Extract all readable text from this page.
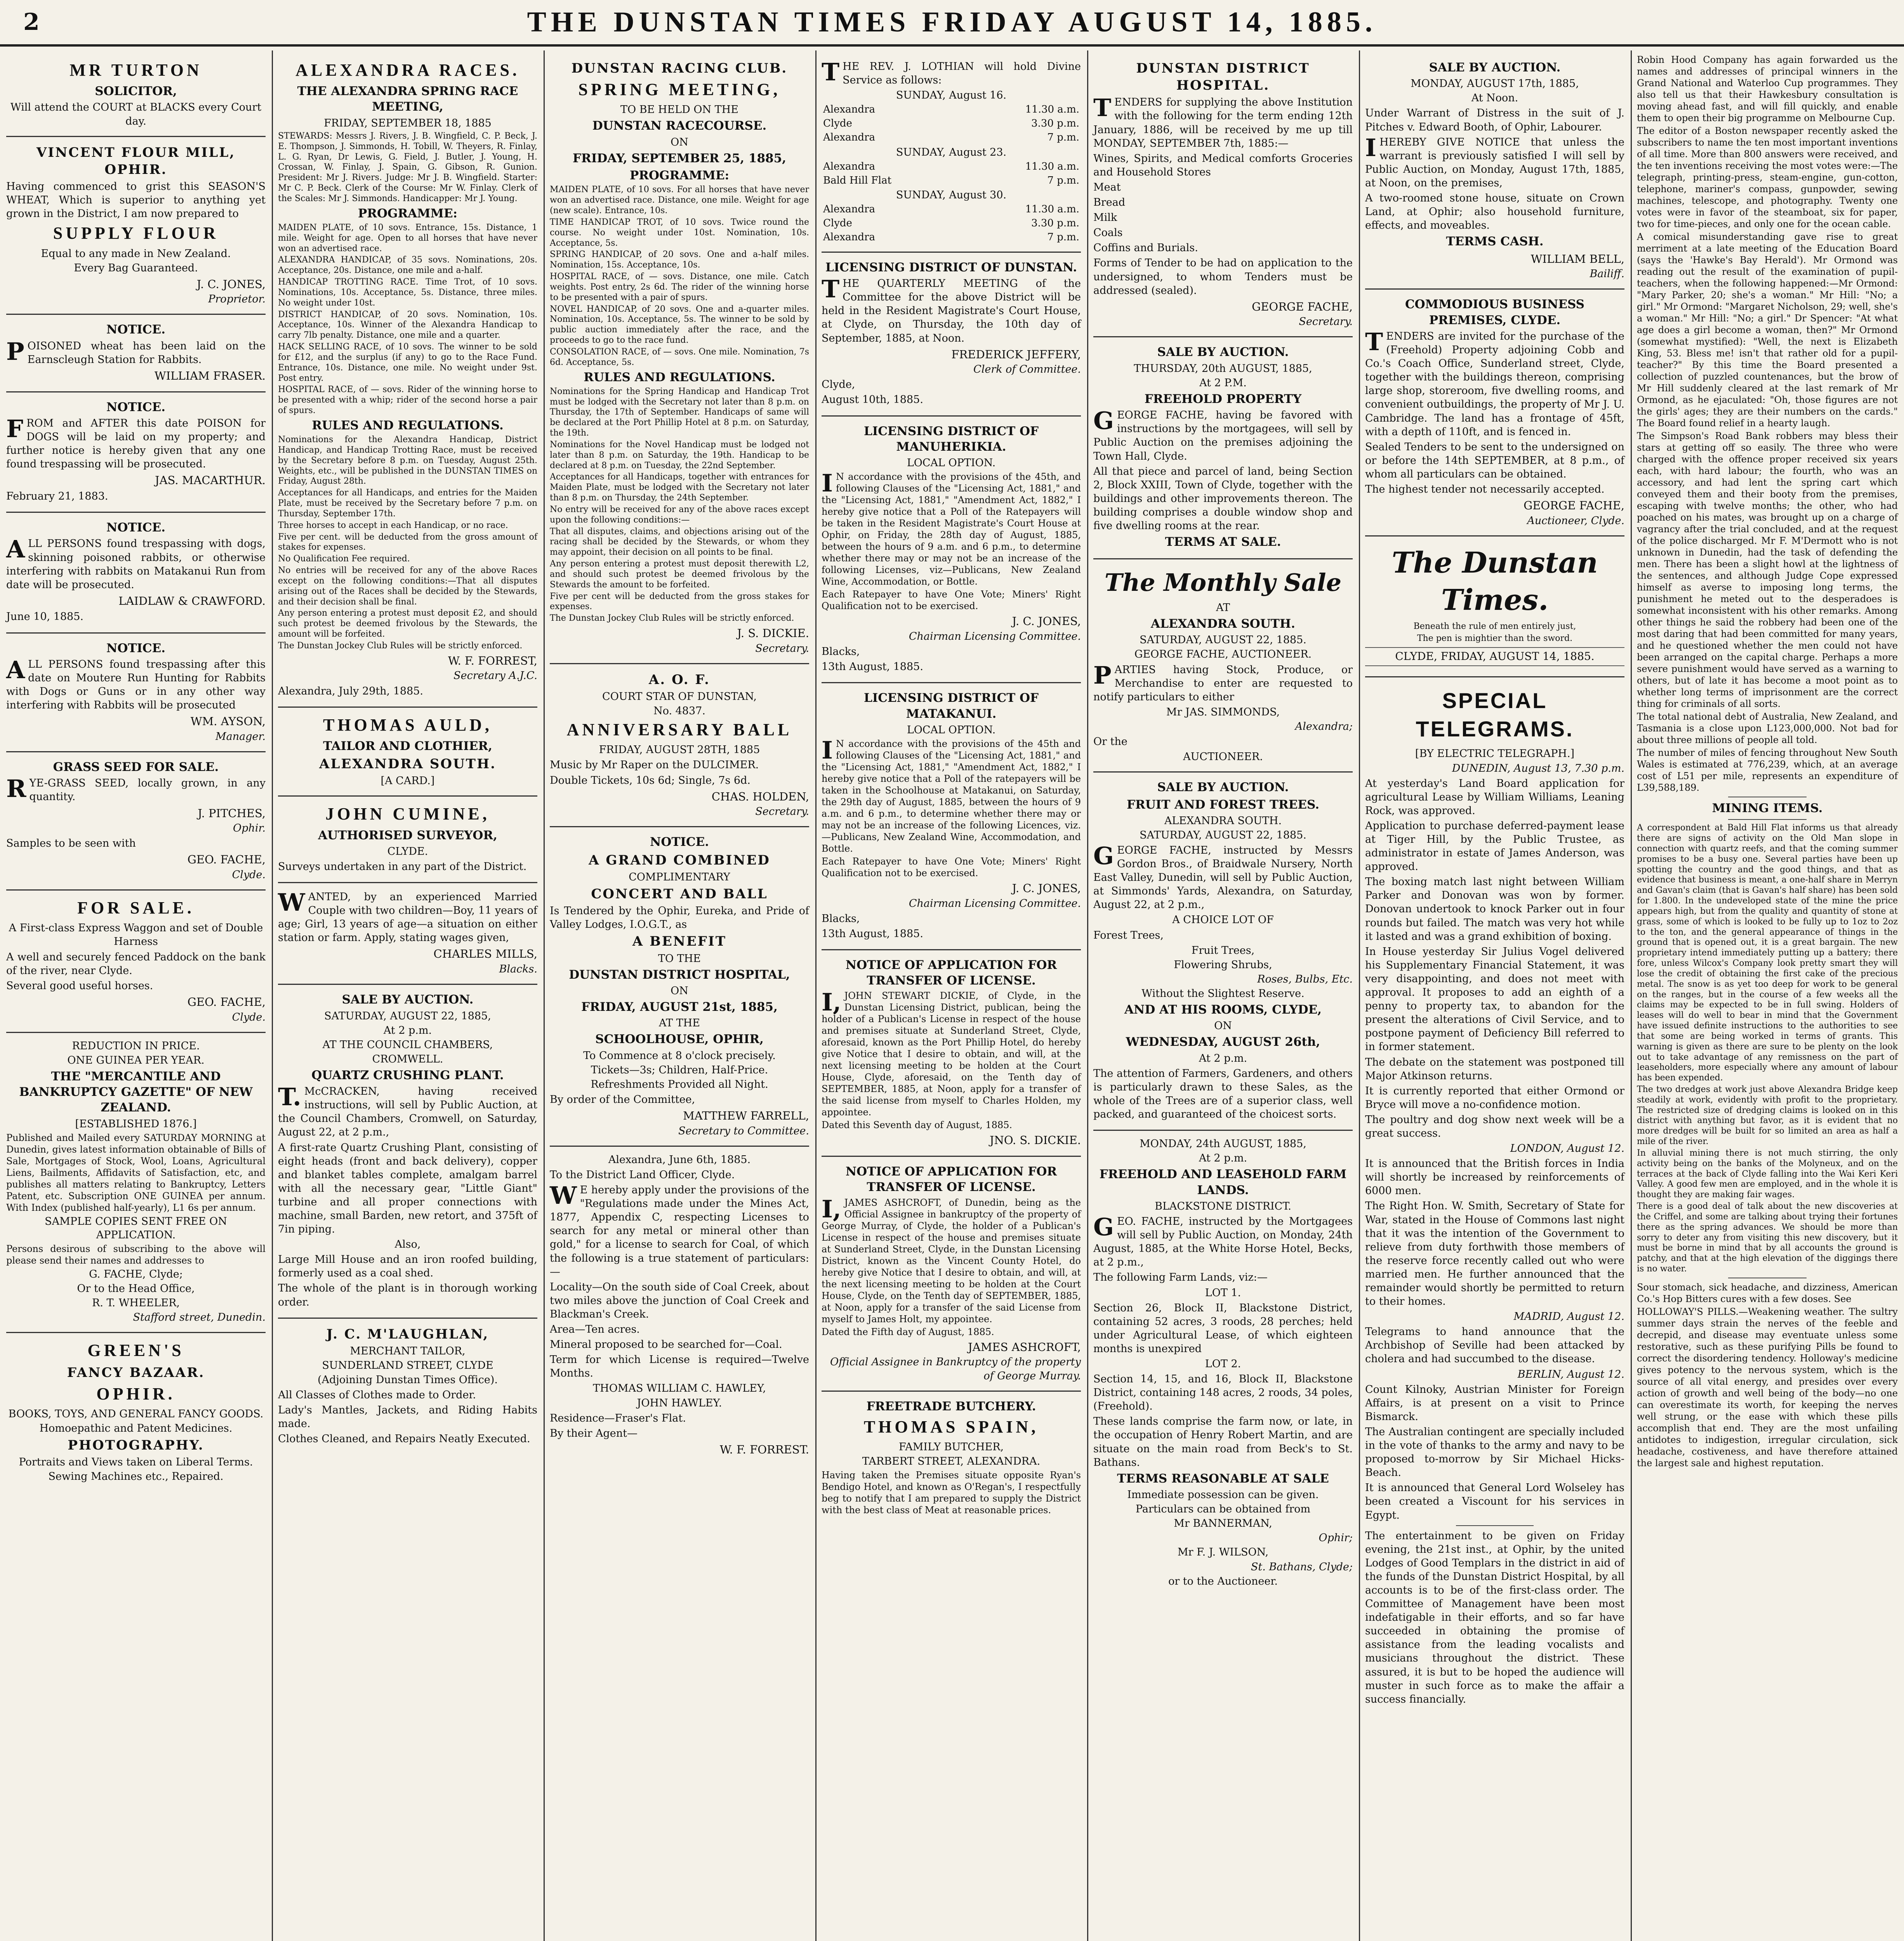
2	THE DUNSTAN TIMES FRIDAY AUGUST 14, 1885.
MR TURTON
SOLICITOR,
Will attend the COURT at BLACKS every Court day.
VINCENT FLOUR MILL, OPHIR.
Having commenced to grist this SEASON'S WHEAT, Which is superior to anything yet grown in the District, I am now prepared to
SUPPLY FLOUR
Equal to any made in New Zealand.
Every Bag Guaranteed.
J. C. JONES,
Proprietor.
NOTICE.
POISONED wheat has been laid on the Earnscleugh Station for Rabbits.
WILLIAM FRASER.
NOTICE.
FROM and AFTER this date POISON for DOGS will be laid on my property; and further notice is hereby given that any one found trespassing will be prosecuted.
JAS. MACARTHUR.
February 21, 1883.
NOTICE.
ALL PERSONS found trespassing with dogs, skinning poisoned rabbits, or otherwise interfering with rabbits on Matakanui Run from date will be prosecuted.
LAIDLAW & CRAWFORD.
June 10, 1885.
NOTICE.
ALL PERSONS found trespassing after this date on Moutere Run Hunting for Rabbits with Dogs or Guns or in any other way interfering with Rabbits will be prosecuted
WM. AYSON,
Manager.
GRASS SEED FOR SALE.
RYE-GRASS SEED, locally grown, in any quantity.
J. PITCHES,
Ophir.
Samples to be seen with
GEO. FACHE,
Clyde.
FOR SALE.
A First-class Express Waggon and set of Double Harness
A well and securely fenced Paddock on the bank of the river, near Clyde.
Several good useful horses.
GEO. FACHE,
Clyde.
REDUCTION IN PRICE.
ONE GUINEA PER YEAR.
THE "MERCANTILE AND BANKRUPTCY GAZETTE" OF NEW ZEALAND.
[ESTABLISHED 1876.]
Published and Mailed every SATURDAY MORNING at Dunedin, gives latest information obtainable of Bills of Sale, Mortgages of Stock, Wool, Loans, Agricultural Liens, Bailments, Affidavits of Satisfaction, etc, and publishes all matters relating to Bankruptcy, Letters Patent, etc. Subscription ONE GUINEA per annum. With Index (published half-yearly), L1 6s per annum.
SAMPLE COPIES SENT FREE ON APPLICATION.
Persons desirous of subscribing to the above will please send their names and addresses to
G. FACHE, Clyde;
Or to the Head Office,
R. T. WHEELER,
Stafford street, Dunedin.
GREEN'S
FANCY BAZAAR.
OPHIR.
BOOKS, TOYS, AND GENERAL FANCY GOODS.
Homoepathic and Patent Medicines.
PHOTOGRAPHY.
Portraits and Views taken on Liberal Terms.
Sewing Machines etc., Repaired.
ALEXANDRA RACES.
THE ALEXANDRA SPRING RACE MEETING,
FRIDAY, SEPTEMBER 18, 1885
STEWARDS: Messrs J. Rivers, J. B. Wingfield, C. P. Beck, J. E. Thompson, J. Simmonds, H. Tobill, W. Theyers, R. Finlay, L. G. Ryan, Dr Lewis, G. Field, J. Butler, J. Young, H. Crossan, W. Finlay, J. Spain, G. Gibson, R. Gunion. President: Mr J. Rivers. Judge: Mr J. B. Wingfield. Starter: Mr C. P. Beck. Clerk of the Course: Mr W. Finlay. Clerk of the Scales: Mr J. Simmonds. Handicapper: Mr J. Young.
PROGRAMME:
MAIDEN PLATE, of 10 sovs. Entrance, 15s. Distance, 1 mile. Weight for age. Open to all horses that have never won an advertised race.
ALEXANDRA HANDICAP, of 35 sovs. Nominations, 20s. Acceptance, 20s. Distance, one mile and a-half.
HANDICAP TROTTING RACE. Time Trot, of 10 sovs. Nominations, 10s. Acceptance, 5s. Distance, three miles. No weight under 10st.
DISTRICT HANDICAP, of 20 sovs. Nomination, 10s. Acceptance, 10s. Winner of the Alexandra Handicap to carry 7lb penalty. Distance, one mile and a quarter.
HACK SELLING RACE, of 10 sovs. The winner to be sold for £12, and the surplus (if any) to go to the Race Fund. Entrance, 10s. Distance, one mile. No weight under 9st. Post entry.
HOSPITAL RACE, of — sovs. Rider of the winning horse to be presented with a whip; rider of the second horse a pair of spurs.
RULES AND REGULATIONS.
Nominations for the Alexandra Handicap, District Handicap, and Handicap Trotting Race, must be received by the Secretary before 8 p.m. on Tuesday, August 25th. Weights, etc., will be published in the DUNSTAN TIMES on Friday, August 28th.
Acceptances for all Handicaps, and entries for the Maiden Plate, must be received by the Secretary before 7 p.m. on Thursday, September 17th.
Three horses to accept in each Handicap, or no race.
Five per cent. will be deducted from the gross amount of stakes for expenses.
No Qualification Fee required.
No entries will be received for any of the above Races except on the following conditions:—That all disputes arising out of the Races shall be decided by the Stewards, and their decision shall be final.
Any person entering a protest must deposit £2, and should such protest be deemed frivolous by the Stewards, the amount will be forfeited.
The Dunstan Jockey Club Rules will be strictly enforced.
W. F. FORREST,
Secretary A.J.C.
Alexandra, July 29th, 1885.
THOMAS AULD,
TAILOR AND CLOTHIER,
ALEXANDRA SOUTH.
[A CARD.]
JOHN CUMINE,
AUTHORISED SURVEYOR,
CLYDE.
Surveys undertaken in any part of the District.
WANTED, by an experienced Married Couple with two children—Boy, 11 years of age; Girl, 13 years of age—a situation on either station or farm. Apply, stating wages given,
CHARLES MILLS,
Blacks.
SALE BY AUCTION.
SATURDAY, AUGUST 22, 1885,
At 2 p.m.
AT THE COUNCIL CHAMBERS,
CROMWELL.
QUARTZ CRUSHING PLANT.
T.McCRACKEN, having received instructions, will sell by Public Auction, at the Council Chambers, Cromwell, on Saturday, August 22, at 2 p.m.,
A first-rate Quartz Crushing Plant, consisting of eight heads (front and back delivery), copper and blanket tables complete, amalgam barrel with all the necessary gear, "Little Giant" turbine and all proper connections with machine, small Barden, new retort, and 375ft of 7in piping.
Also,
Large Mill House and an iron roofed building, formerly used as a coal shed.
The whole of the plant is in thorough working order.
J. C. M'LAUGHLAN,
MERCHANT TAILOR,
SUNDERLAND STREET, CLYDE
(Adjoining Dunstan Times Office).
All Classes of Clothes made to Order.
Lady's Mantles, Jackets, and Riding Habits made.
Clothes Cleaned, and Repairs Neatly Executed.
DUNSTAN RACING CLUB.
SPRING MEETING,
TO BE HELD ON THE
DUNSTAN RACECOURSE.
ON
FRIDAY, SEPTEMBER 25, 1885,
PROGRAMME:
MAIDEN PLATE, of 10 sovs. For all horses that have never won an advertised race. Distance, one mile. Weight for age (new scale). Entrance, 10s.
TIME HANDICAP TROT, of 10 sovs. Twice round the course. No weight under 10st. Nomination, 10s. Acceptance, 5s.
SPRING HANDICAP, of 20 sovs. One and a-half miles. Nomination, 15s. Acceptance, 10s.
HOSPITAL RACE, of — sovs. Distance, one mile. Catch weights. Post entry, 2s 6d. The rider of the winning horse to be presented with a pair of spurs.
NOVEL HANDICAP, of 20 sovs. One and a-quarter miles. Nomination, 10s. Acceptance, 5s. The winner to be sold by public auction immediately after the race, and the proceeds to go to the race fund.
CONSOLATION RACE, of — sovs. One mile. Nomination, 7s 6d. Acceptance, 5s.
RULES AND REGULATIONS.
Nominations for the Spring Handicap and Handicap Trot must be lodged with the Secretary not later than 8 p.m. on Thursday, the 17th of September. Handicaps of same will be declared at the Port Phillip Hotel at 8 p.m. on Saturday, the 19th.
Nominations for the Novel Handicap must be lodged not later than 8 p.m. on Saturday, the 19th. Handicap to be declared at 8 p.m. on Tuesday, the 22nd September.
Acceptances for all Handicaps, together with entrances for Maiden Plate, must be lodged with the Secretary not later than 8 p.m. on Thursday, the 24th September.
No entry will be received for any of the above races except upon the following conditions:—
That all disputes, claims, and objections arising out of the racing shall be decided by the Stewards, or whom they may appoint, their decision on all points to be final.
Any person entering a protest must deposit therewith L2, and should such protest be deemed frivolous by the Stewards the amount to be forfeited.
Five per cent will be deducted from the gross stakes for expenses.
The Dunstan Jockey Club Rules will be strictly enforced.
J. S. DICKIE.
Secretary.
A. O. F.
COURT STAR OF DUNSTAN,
No. 4837.
ANNIVERSARY BALL
FRIDAY, AUGUST 28TH, 1885
Music by Mr Raper on the DULCIMER.
Double Tickets, 10s 6d; Single, 7s 6d.
CHAS. HOLDEN,
Secretary.
NOTICE.
A GRAND COMBINED
COMPLIMENTARY
CONCERT AND BALL
Is Tendered by the Ophir, Eureka, and Pride of Valley Lodges, I.O.G.T., as
A BENEFIT
TO THE
DUNSTAN DISTRICT HOSPITAL,
ON
FRIDAY, AUGUST 21st, 1885,
AT THE
SCHOOLHOUSE, OPHIR,
To Commence at 8 o'clock precisely.
Tickets—3s; Children, Half-Price.
Refreshments Provided all Night.
By order of the Committee,
MATTHEW FARRELL,
Secretary to Committee.
Alexandra, June 6th, 1885.
To the District Land Officer, Clyde.
WE hereby apply under the provisions of the "Regulations made under the Mines Act, 1877, Appendix C, respecting Licenses to search for any metal or mineral other than gold," for a license to search for Coal, of which the following is a true statement of particulars:—
Locality—On the south side of Coal Creek, about two miles above the junction of Coal Creek and Blackman's Creek.
Area—Ten acres.
Mineral proposed to be searched for—Coal.
Term for which License is required—Twelve Months.
THOMAS WILLIAM C. HAWLEY,
JOHN HAWLEY.
Residence—Fraser's Flat.
By their Agent—
W. F. FORREST.
THE REV. J. LOTHIAN will hold Divine Service as follows:
SUNDAY, August 16.
Alexandra	11.30 a.m.
Clyde	3.30 p.m.
Alexandra	7 p.m.
SUNDAY, August 23.
Alexandra	11.30 a.m.
Bald Hill Flat	7 p.m.
SUNDAY, August 30.
Alexandra	11.30 a.m.
Clyde	3.30 p.m.
Alexandra	7 p.m.
LICENSING DISTRICT OF DUNSTAN.
THE QUARTERLY MEETING of the Committee for the above District will be held in the Resident Magistrate's Court House, at Clyde, on Thursday, the 10th day of September, 1885, at Noon.
FREDERICK JEFFERY,
Clerk of Committee.
Clyde,
August 10th, 1885.
LICENSING DISTRICT OF MANUHERIKIA.
LOCAL OPTION.
IN accordance with the provisions of the 45th, and following Clauses of the "Licensing Act, 1881," and the "Licensing Act, 1881," "Amendment Act, 1882," I hereby give notice that a Poll of the Ratepayers will be taken in the Resident Magistrate's Court House at Ophir, on Friday, the 28th day of August, 1885, between the hours of 9 a.m. and 6 p.m., to determine whether there may or may not be an increase of the following Licenses, viz—Publicans, New Zealand Wine, Accommodation, or Bottle.
Each Ratepayer to have One Vote; Miners' Right Qualification not to be exercised.
J. C. JONES,
Chairman Licensing Committee.
Blacks,
13th August, 1885.
LICENSING DISTRICT OF MATAKANUI.
LOCAL OPTION.
IN accordance with the provisions of the 45th and following Clauses of the "Licensing Act, 1881," and the "Licensing Act, 1881," "Amendment Act, 1882," I hereby give notice that a Poll of the ratepayers will be taken in the Schoolhouse at Matakanui, on Saturday, the 29th day of August, 1885, between the hours of 9 a.m. and 6 p.m., to determine whether there may or may not be an increase of the following Licences, viz.—Publicans, New Zealand Wine, Accommodation, and Bottle.
Each Ratepayer to have One Vote; Miners' Right Qualification not to be exercised.
J. C. JONES,
Chairman Licensing Committee.
Blacks,
13th August, 1885.
NOTICE OF APPLICATION FOR TRANSFER OF LICENSE.
I,JOHN STEWART DICKIE, of Clyde, in the Dunstan Licensing District, publican, being the holder of a Publican's License in respect of the house and premises situate at Sunderland Street, Clyde, aforesaid, known as the Port Phillip Hotel, do hereby give Notice that I desire to obtain, and will, at the next licensing meeting to be holden at the Court House, Clyde, aforesaid, on the Tenth day of SEPTEMBER, 1885, at Noon, apply for a transfer of the said license from myself to Charles Holden, my appointee.
Dated this Seventh day of August, 1885.
JNO. S. DICKIE.
NOTICE OF APPLICATION FOR TRANSFER OF LICENSE.
I,JAMES ASHCROFT, of Dunedin, being as the Official Assignee in bankruptcy of the property of George Murray, of Clyde, the holder of a Publican's License in respect of the house and premises situate at Sunderland Street, Clyde, in the Dunstan Licensing District, known as the Vincent County Hotel, do hereby give Notice that I desire to obtain, and will, at the next licensing meeting to be holden at the Court House, Clyde, on the Tenth day of SEPTEMBER, 1885, at Noon, apply for a transfer of the said License from myself to James Holt, my appointee.
Dated the Fifth day of August, 1885.
JAMES ASHCROFT,
Official Assignee in Bankruptcy of the property of George Murray.
FREETRADE BUTCHERY.
THOMAS SPAIN,
FAMILY BUTCHER,
TARBERT STREET, ALEXANDRA.
Having taken the Premises situate opposite Ryan's Bendigo Hotel, and known as O'Regan's, I respectfully beg to notify that I am prepared to supply the District with the best class of Meat at reasonable prices.
DUNSTAN DISTRICT HOSPITAL.
TENDERS for supplying the above Institution with the following for the term ending 12th January, 1886, will be received by me up till MONDAY, SEPTEMBER 7th, 1885:—
Wines, Spirits, and Medical comforts Groceries and Household Stores
Meat
Bread
Milk
Coals
Coffins and Burials.
Forms of Tender to be had on application to the undersigned, to whom Tenders must be addressed (sealed).
GEORGE FACHE,
Secretary.
SALE BY AUCTION.
THURSDAY, 20th AUGUST, 1885,
At 2 P.M.
FREEHOLD PROPERTY
GEORGE FACHE, having be favored with instructions by the mortgagees, will sell by Public Auction on the premises adjoining the Town Hall, Clyde.
All that piece and parcel of land, being Section 2, Block XXIII, Town of Clyde, together with the buildings and other improvements thereon. The building comprises a double window shop and five dwelling rooms at the rear.
TERMS AT SALE.
The Monthly Sale
AT
ALEXANDRA SOUTH.
SATURDAY, AUGUST 22, 1885.
GEORGE FACHE, AUCTIONEER.
PARTIES having Stock, Produce, or Merchandise to enter are requested to notify particulars to either
Mr JAS. SIMMONDS,
Alexandra;
Or the
AUCTIONEER.
SALE BY AUCTION.
FRUIT AND FOREST TREES.
ALEXANDRA SOUTH.
SATURDAY, AUGUST 22, 1885.
GEORGE FACHE, instructed by Messrs Gordon Bros., of Braidwale Nursery, North East Valley, Dunedin, will sell by Public Auction, at Simmonds' Yards, Alexandra, on Saturday, August 22, at 2 p.m.,
A CHOICE LOT OF
Forest Trees,
Fruit Trees,
Flowering Shrubs,
Roses, Bulbs, Etc.
Without the Slightest Reserve.
AND AT HIS ROOMS, CLYDE,
ON
WEDNESDAY, AUGUST 26th,
At 2 p.m.
The attention of Farmers, Gardeners, and others is particularly drawn to these Sales, as the whole of the Trees are of a superior class, well packed, and guaranteed of the choicest sorts.
MONDAY, 24th AUGUST, 1885,
At 2 p.m.
FREEHOLD AND LEASEHOLD FARM LANDS.
BLACKSTONE DISTRICT.
GEO. FACHE, instructed by the Mortgagees will sell by Public Auction, on Monday, 24th August, 1885, at the White Horse Hotel, Becks, at 2 p.m.,
The following Farm Lands, viz:—
LOT 1.
Section 26, Block II, Blackstone District, containing 52 acres, 3 roods, 28 perches; held under Agricultural Lease, of which eighteen months is unexpired
LOT 2.
Section 14, 15, and 16, Block II, Blackstone District, containing 148 acres, 2 roods, 34 poles, (Freehold).
These lands comprise the farm now, or late, in the occupation of Henry Robert Martin, and are situate on the main road from Beck's to St. Bathans.
TERMS REASONABLE AT SALE
Immediate possession can be given.
Particulars can be obtained from
Mr BANNERMAN,
Ophir;
Mr F. J. WILSON,
St. Bathans, Clyde;
or to the Auctioneer.
SALE BY AUCTION.
MONDAY, AUGUST 17th, 1885,
At Noon.
Under Warrant of Distress in the suit of J. Pitches v. Edward Booth, of Ophir, Labourer.
IHEREBY GIVE NOTICE that unless the warrant is previously satisfied I will sell by Public Auction, on Monday, August 17th, 1885, at Noon, on the premises,
A two-roomed stone house, situate on Crown Land, at Ophir; also household furniture, effects, and moveables.
TERMS CASH.
WILLIAM BELL,
Bailiff.
COMMODIOUS BUSINESS PREMISES, CLYDE.
TENDERS are invited for the purchase of the (Freehold) Property adjoining Cobb and Co.'s Coach Office, Sunderland street, Clyde, together with the buildings thereon, comprising large shop, storeroom, five dwelling rooms, and convenient outbuildings, the property of Mr J. U. Cambridge. The land has a frontage of 45ft, with a depth of 110ft, and is fenced in.
Sealed Tenders to be sent to the undersigned on or before the 14th SEPTEMBER, at 8 p.m., of whom all particulars can be obtained.
The highest tender not necessarily accepted.
GEORGE FACHE,
Auctioneer, Clyde.
The Dunstan Times.
Beneath the rule of men entirely just,
The pen is mightier than the sword.
CLYDE, FRIDAY, AUGUST 14, 1885.
SPECIAL TELEGRAMS.
[BY ELECTRIC TELEGRAPH.]
DUNEDIN, August 13, 7.30 p.m.
At yesterday's Land Board application for agricultural Lease by William Williams, Leaning Rock, was approved.
Application to purchase deferred-payment lease at Tiger Hill, by the Public Trustee, as administrator in estate of James Anderson, was approved.
The boxing match last night between William Parker and Donovan was won by former. Donovan undertook to knock Parker out in four rounds but failed. The match was very hot while it lasted and was a grand exhibition of boxing.
In House yesterday Sir Julius Vogel delivered his Supplementary Financial Statement, it was very disappointing, and does not meet with approval. It proposes to add an eighth of a penny to property tax, to abandon for the present the alterations of Civil Service, and to postpone payment of Deficiency Bill referred to in former statement.
The debate on the statement was postponed till Major Atkinson returns.
It is currently reported that either Ormond or Bryce will move a no-confidence motion.
The poultry and dog show next week will be a great success.
LONDON, August 12.
It is announced that the British forces in India will shortly be increased by reinforcements of 6000 men.
The Right Hon. W. Smith, Secretary of State for War, stated in the House of Commons last night that it was the intention of the Government to relieve from duty forthwith those members of the reserve force recently called out who were married men. He further announced that the remainder would shortly be permitted to return to their homes.
MADRID, August 12.
Telegrams to hand announce that the Archbishop of Seville had been attacked by cholera and had succumbed to the disease.
BERLIN, August 12.
Count Kilnoky, Austrian Minister for Foreign Affairs, is at present on a visit to Prince Bismarck.
The Australian contingent are specially included in the vote of thanks to the army and navy to be proposed to-morrow by Sir Michael Hicks-Beach.
It is announced that General Lord Wolseley has been created a Viscount for his services in Egypt.
The entertainment to be given on Friday evening, the 21st inst., at Ophir, by the united Lodges of Good Templars in the district in aid of the funds of the Dunstan District Hospital, by all accounts is to be of the first-class order. The Committee of Management have been most indefatigable in their efforts, and so far have succeeded in obtaining the promise of assistance from the leading vocalists and musicians throughout the district. These assured, it is but to be hoped the audience will muster in such force as to make the affair a success financially.
Robin Hood Company has again forwarded us the names and addresses of principal winners in the Grand National and Waterloo Cup programmes. They also tell us that their Hawkesbury consultation is moving ahead fast, and will fill quickly, and enable them to open their big programme on Melbourne Cup.
The editor of a Boston newspaper recently asked the subscribers to name the ten most important inventions of all time. More than 800 answers were received, and the ten inventions receiving the most votes were:—The telegraph, printing-press, steam-engine, gun-cotton, telephone, mariner's compass, gunpowder, sewing machines, telescope, and photography. Twenty one votes were in favor of the steamboat, six for paper, two for time-pieces, and only one for the ocean cable.
A comical misunderstanding gave rise to great merriment at a late meeting of the Education Board (says the 'Hawke's Bay Herald'). Mr Ormond was reading out the result of the examination of pupil-teachers, when the following happened:—Mr Ormond: "Mary Parker, 20; she's a woman." Mr Hill: "No; a girl." Mr Ormond: "Margaret Nicholson, 29; well, she's a woman." Mr Hill: "No; a girl." Dr Spencer: "At what age does a girl become a woman, then?" Mr Ormond (somewhat mystified): "Well, the next is Elizabeth King, 53. Bless me! isn't that rather old for a pupil-teacher?" By this time the Board presented a collection of puzzled countenances, but the brow of Mr Hill suddenly cleared at the last remark of Mr Ormond, as he ejaculated: "Oh, those figures are not the girls' ages; they are their numbers on the cards." The Board found relief in a hearty laugh.
The Simpson's Road Bank robbers may bless their stars at getting off so easily. The three who were charged with the offence proper received six years each, with hard labour; the fourth, who was an accessory, and had lent the spring cart which conveyed them and their booty from the premises, escaping with twelve months; the other, who had poached on his mates, was brought up on a charge of vagrancy after the trial concluded, and at the request of the police discharged. Mr F. M'Dermott who is not unknown in Dunedin, had the task of defending the men. There has been a slight howl at the lightness of the sentences, and although Judge Cope expressed himself as averse to imposing long terms, the punishment he meted out to the desperadoes is somewhat inconsistent with his other remarks. Among other things he said the robbery had been one of the most daring that had been committed for many years, and he questioned whether the men could not have been arranged on the capital charge. Perhaps a more severe punishment would have served as a warning to others, but of late it has become a moot point as to whether long terms of imprisonment are the correct thing for criminals of all sorts.
The total national debt of Australia, New Zealand, and Tasmania is a close upon L123,000,000. Not bad for about three millions of people all told.
The number of miles of fencing throughout New South Wales is estimated at 776,239, which, at an average cost of L51 per mile, represents an expenditure of L39,588,189.
MINING ITEMS.
A correspondent at Bald Hill Flat informs us that already there are signs of activity on the Old Man slope in connection with quartz reefs, and that the coming summer promises to be a busy one. Several parties have been up spotting the country and the good things, and that as evidence that business is meant, a one-half share in Merryn and Gavan's claim (that is Gavan's half share) has been sold for 1.800. In the undeveloped state of the mine the price appears high, but from the quality and quantity of stone at grass, some of which is looked to be fully up to 1oz to 2oz to the ton, and the general appearance of things in the ground that is opened out, it is a great bargain. The new proprietary intend immediately putting up a battery; there fore, unless Wilcox's Company look pretty smart they will lose the credit of obtaining the first cake of the precious metal. The snow is as yet too deep for work to be general on the ranges, but in the course of a few weeks all the claims may be expected to be in full swing. Holders of leases will do well to bear in mind that the Government have issued definite instructions to the authorities to see that some are being worked in terms of grants. This warning is given as there are sure to be plenty on the look out to take advantage of any remissness on the part of leaseholders, more especially where any amount of labour has been expended.
The two dredges at work just above Alexandra Bridge keep steadily at work, evidently with profit to the proprietary. The restricted size of dredging claims is looked on in this district with anything but favor, as it is evident that no more dredges will be built for so limited an area as half a mile of the river.
In alluvial mining there is not much stirring, the only activity being on the banks of the Molyneux, and on the terraces at the back of Clyde falling into the Wai Keri Keri Valley. A good few men are employed, and in the whole it is thought they are making fair wages.
There is a good deal of talk about the new discoveries at the Criffel, and some are talking about trying their fortunes there as the spring advances. We should be more than sorry to deter any from visiting this new discovery, but it must be borne in mind that by all accounts the ground is patchy, and that at the high elevation of the diggings there is no water.
Sour stomach, sick headache, and dizziness, American Co.'s Hop Bitters cures with a few doses. See
HOLLOWAY'S PILLS.—Weakening weather. The sultry summer days strain the nerves of the feeble and decrepid, and disease may eventuate unless some restorative, such as these purifying Pills be found to correct the disordering tendency. Holloway's medicine gives potency to the nervous system, which is the source of all vital energy, and presides over every action of growth and well being of the body—no one can overestimate its worth, for keeping the nerves well strung, or the ease with which these pills accomplish that end. They are the most unfailing antidotes to indigestion, irregular circulation, sick headache, costiveness, and have therefore attained the largest sale and highest reputation.
